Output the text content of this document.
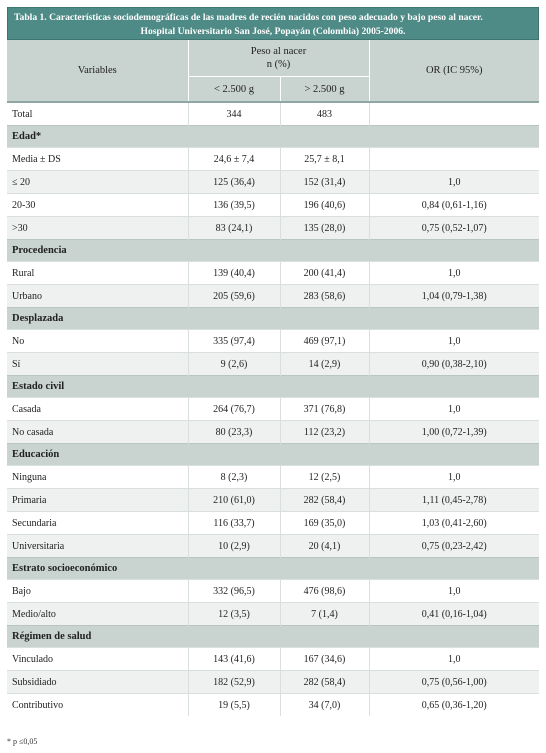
Tabla 1. Características sociodemográficas de las madres de recién nacidos con peso adecuado y bajo peso al nacer.
Hospital Universitario San José, Popayán (Colombia) 2005-2006.
Variables	Peso al nacer
n (%)		OR (IC 95%)
	< 2.500 g	> 2.500 g	
Total	344	483	
Edad*			
Media ± DS	24,6 ± 7,4	25,7 ± 8,1	
≤ 20	125 (36,4)	152 (31,4)	1,0
20-30	136 (39,5)	196 (40,6)	0,84 (0,61-1,16)
>30	83 (24,1)	135 (28,0)	0,75 (0,52-1,07)
Procedencia			
Rural	139 (40,4)	200 (41,4)	1,0
Urbano	205 (59,6)	283 (58,6)	1,04 (0,79-1,38)
Desplazada			
No	335 (97,4)	469 (97,1)	1,0
Sí	9 (2,6)	14 (2,9)	0,90 (0,38-2,10)
Estado civil			
Casada	264 (76,7)	371 (76,8)	1,0
No casada	80 (23,3)	112 (23,2)	1,00 (0,72-1,39)
Educación			
Ninguna	8 (2,3)	12 (2,5)	1,0
Primaria	210 (61,0)	282 (58,4)	1,11 (0,45-2,78)
Secundaria	116 (33,7)	169 (35,0)	1,03 (0,41-2,60)
Universitaria	10 (2,9)	20 (4,1)	0,75 (0,23-2,42)
Estrato socioeconómico			
Bajo	332 (96,5)	476 (98,6)	1,0
Medio/alto	12 (3,5)	7 (1,4)	0,41 (0,16-1,04)
Régimen de salud			
Vinculado	143 (41,6)	167 (34,6)	1,0
Subsidiado	182 (52,9)	282 (58,4)	0,75 (0,56-1,00)
Contributivo	19 (5,5)	34 (7,0)	0,65 (0,36-1,20)
* p ≤0,05
